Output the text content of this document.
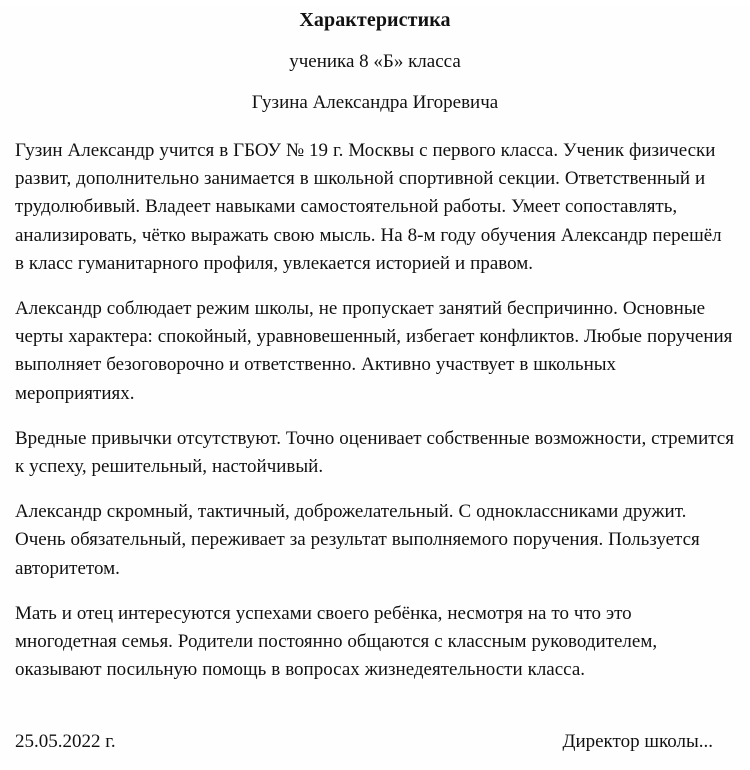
Характеристика

ученика 8 «Б» класса

Гузина Александра Игоревича

Гузин Александр учится в ГБОУ № 19 г. Москвы с первого класса. Ученик физически развит, дополнительно занимается в школьной спортивной секции. Ответственный и трудолюбивый. Владеет навыками самостоятельной работы. Умеет сопоставлять, анализировать, чётко выражать свою мысль. На 8-м году обучения Александр перешёл в класс гуманитарного профиля, увлекается историей и правом.

Александр соблюдает режим школы, не пропускает занятий беспричинно. Основные черты характера: спокойный, уравновешенный, избегает конфликтов. Любые поручения выполняет безоговорочно и ответственно. Активно участвует в школьных мероприятиях.

Вредные привычки отсутствуют. Точно оценивает собственные возможности, стремится к успеху, решительный, настойчивый.

Александр скромный, тактичный, доброжелательный. С одноклассниками дружит. Очень обязательный, переживает за результат выполняемого поручения. Пользуется авторитетом.

Мать и отец интересуются успехами своего ребёнка, несмотря на то что это многодетная семья. Родители постоянно общаются с классным руководителем, оказывают посильную помощь в вопросах жизнедеятельности класса.

25.05.2022 г.	Директор школы...
